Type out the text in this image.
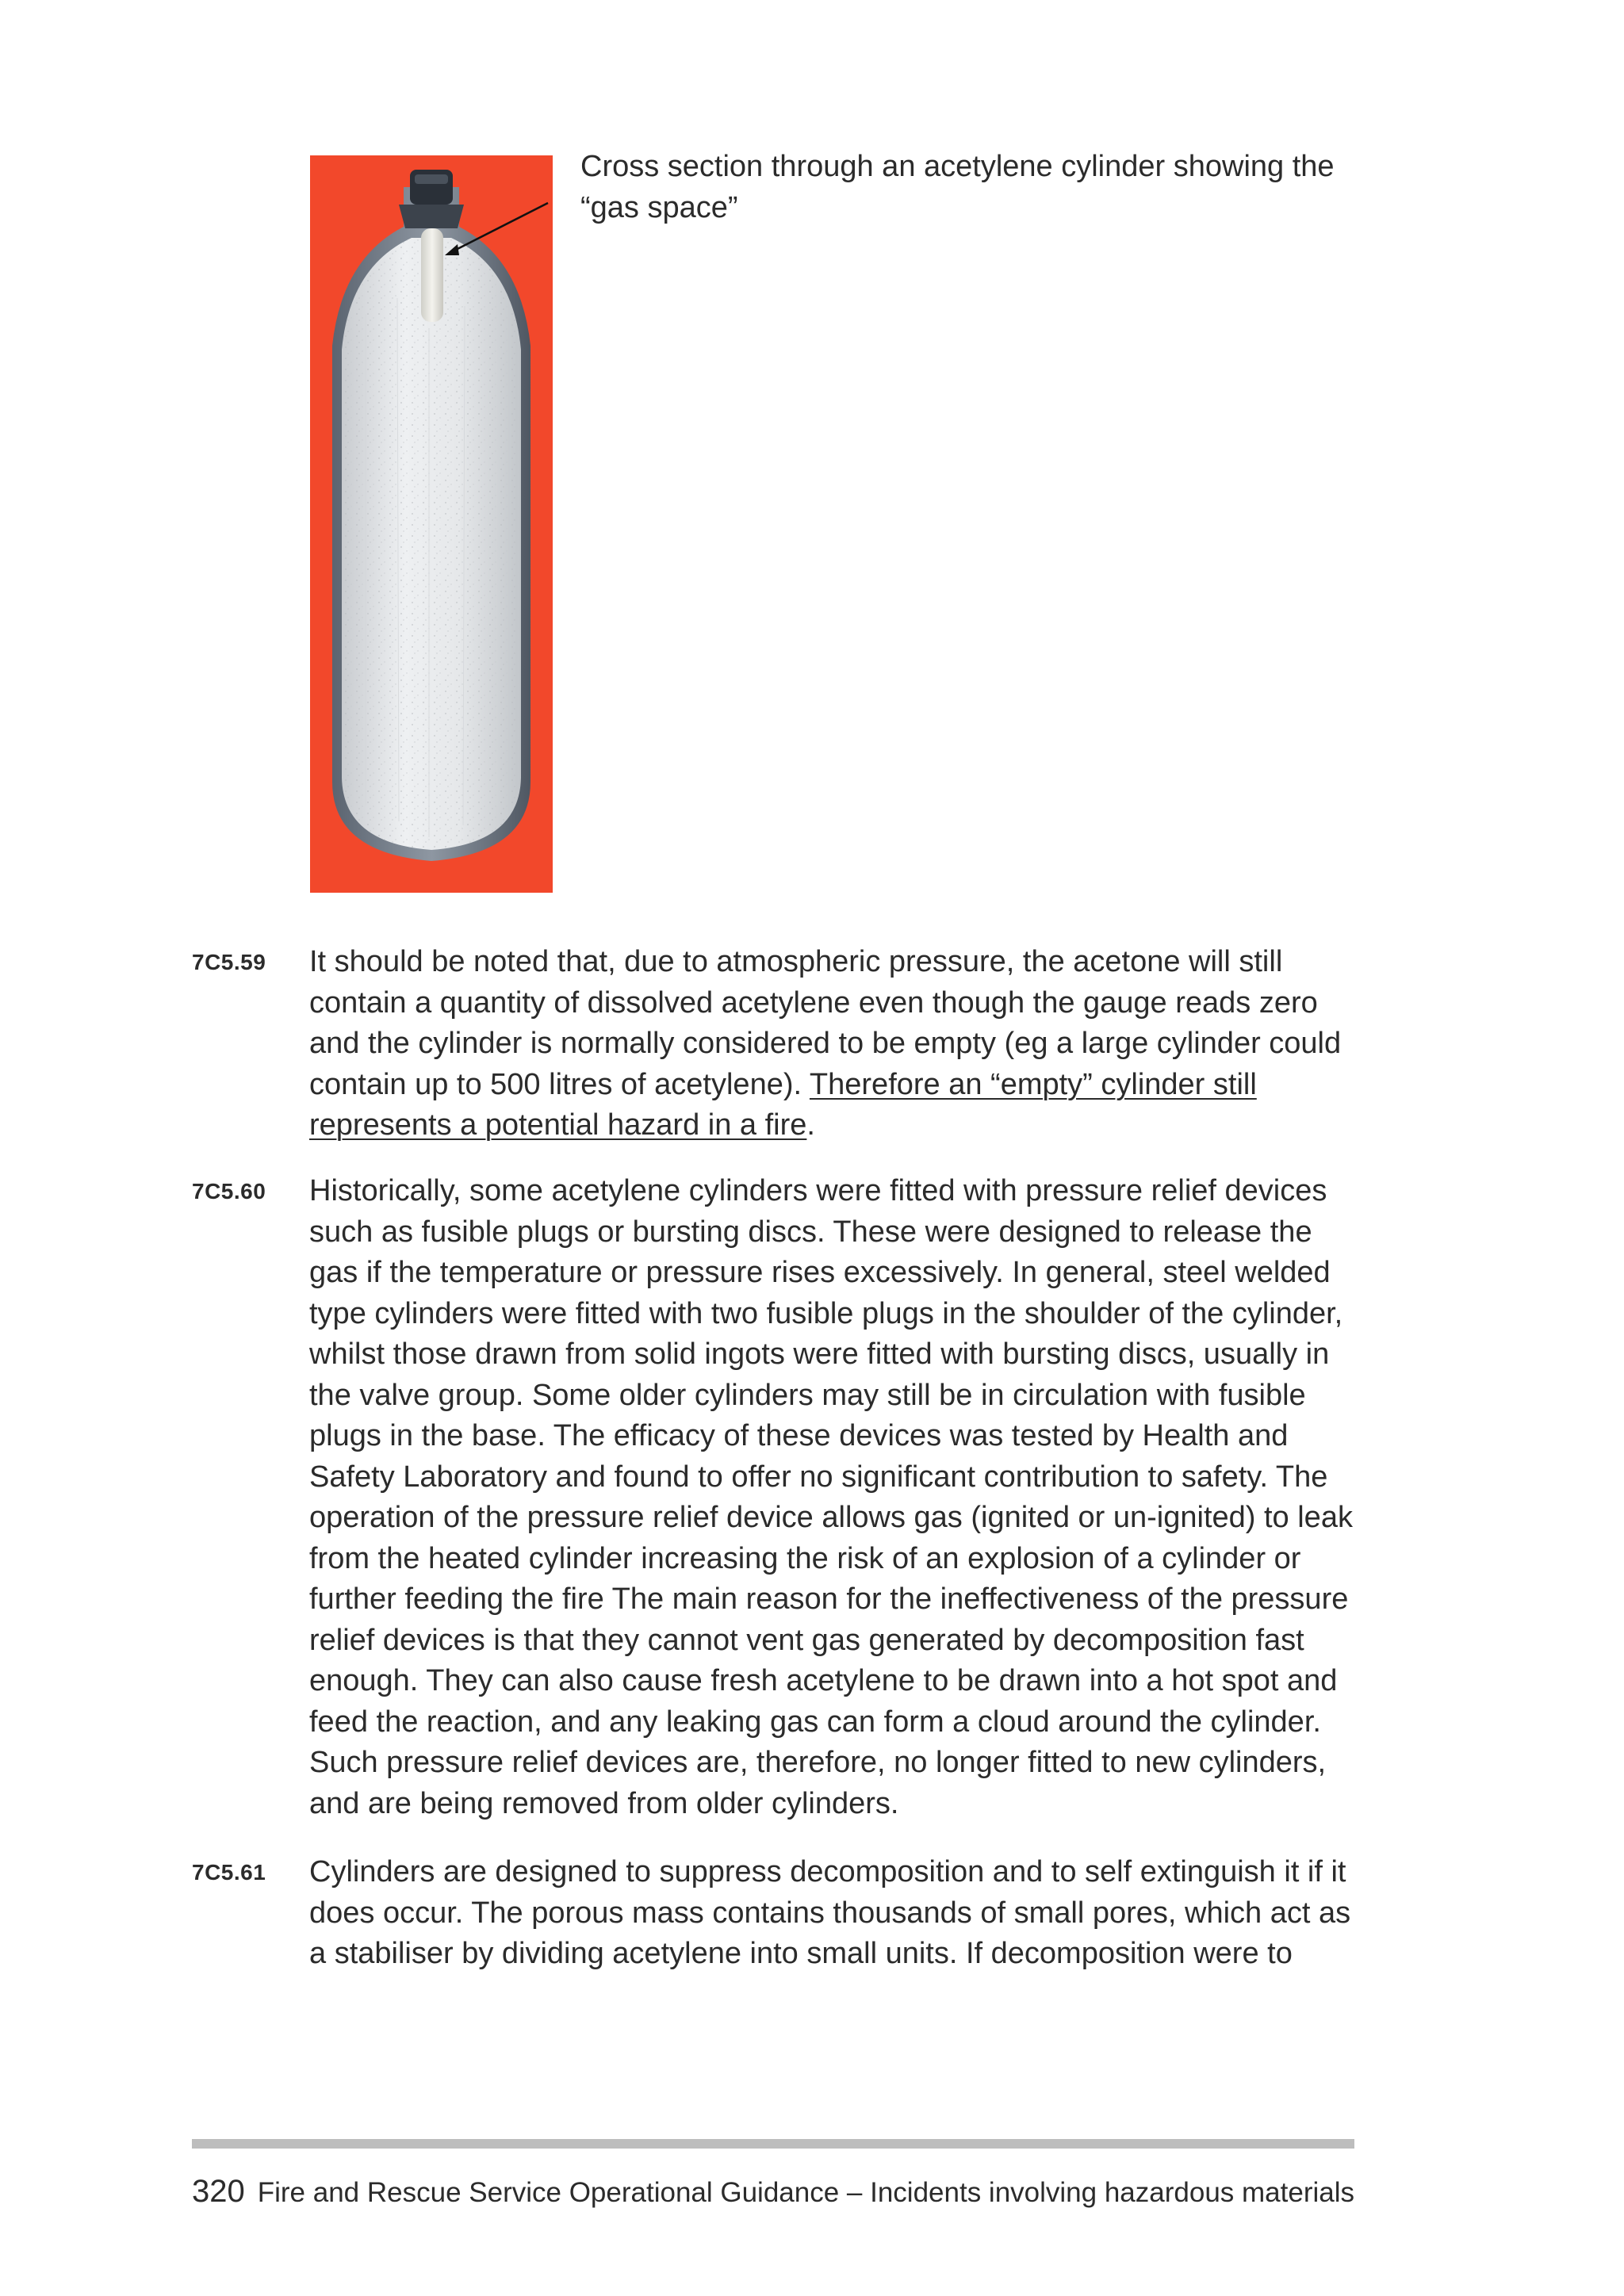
Cross section through an acetylene cylinder showing the “gas space”
7C5.59 It should be noted that, due to atmospheric pressure, the acetone will still contain a quantity of dissolved acetylene even though the gauge reads zero and the cylinder is normally considered to be empty (eg a large cylinder could contain up to 500 litres of acetylene). Therefore an “empty” cylinder still represents a potential hazard in a fire.

7C5.60 Historically, some acetylene cylinders were fitted with pressure relief devices such as fusible plugs or bursting discs. These were designed to release the gas if the temperature or pressure rises excessively. In general, steel welded type cylinders were fitted with two fusible plugs in the shoulder of the cylinder, whilst those drawn from solid ingots were fitted with bursting discs, usually in the valve group. Some older cylinders may still be in circulation with fusible plugs in the base. The efficacy of these devices was tested by Health and Safety Laboratory and found to offer no significant contribution to safety. The operation of the pressure relief device allows gas (ignited or un-ignited) to leak from the heated cylinder increasing the risk of an explosion of a cylinder or further feeding the fire The main reason for the ineffectiveness of the pressure relief devices is that they cannot vent gas generated by decomposition fast enough. They can also cause fresh acetylene to be drawn into a hot spot and feed the reaction, and any leaking gas can form a cloud around the cylinder. Such pressure relief devices are, therefore, no longer fitted to new cylinders, and are being removed from older cylinders.

7C5.61 Cylinders are designed to suppress decomposition and to self extinguish it if it does occur. The porous mass contains thousands of small pores, which act as a stabiliser by dividing acetylene into small units. If decomposition were to

320 Fire and Rescue Service Operational Guidance – Incidents involving hazardous materials
